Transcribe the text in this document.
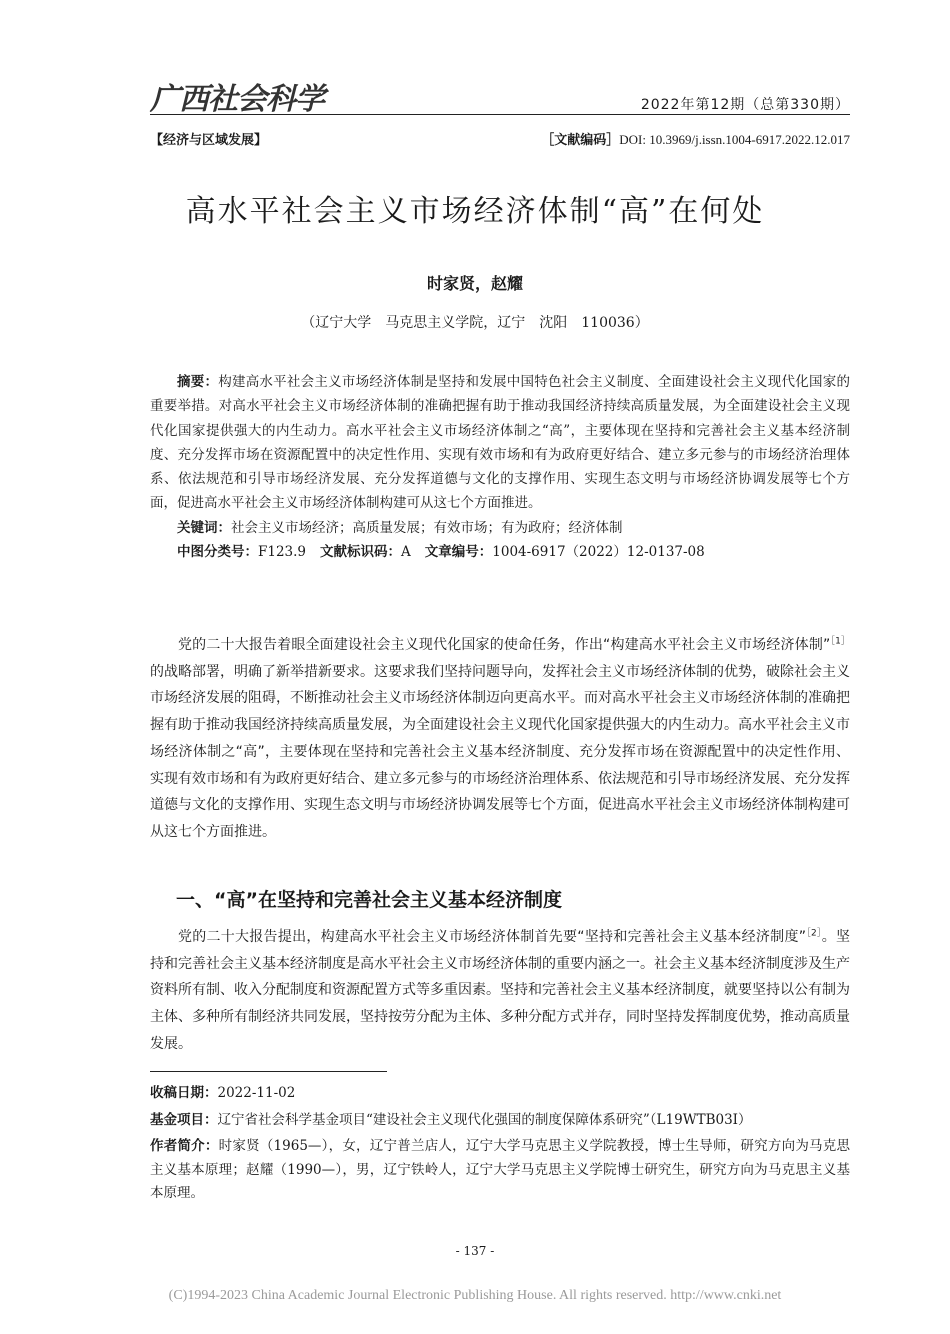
广西社会科学	2022年第12期（总第330期）
【经济与区域发展】	［文献编码］DOI: 10.3969/j.issn.1004-6917.2022.12.017
高水平社会主义市场经济体制“高”在何处
时家贤，赵耀
（辽宁大学　马克思主义学院，辽宁　沈阳　110036）
摘要：构建高水平社会主义市场经济体制是坚持和发展中国特色社会主义制度、全面建设社会主义现代化国家的重要举措。对高水平社会主义市场经济体制的准确把握有助于推动我国经济持续高质量发展，为全面建设社会主义现代化国家提供强大的内生动力。高水平社会主义市场经济体制之“高”，主要体现在坚持和完善社会主义基本经济制度、充分发挥市场在资源配置中的决定性作用、实现有效市场和有为政府更好结合、建立多元参与的市场经济治理体系、依法规范和引导市场经济发展、充分发挥道德与文化的支撑作用、实现生态文明与市场经济协调发展等七个方面，促进高水平社会主义市场经济体制构建可从这七个方面推进。
关键词：社会主义市场经济；高质量发展；有效市场；有为政府；经济体制
中图分类号：F123.9 文献标识码：A 文章编号：1004-6917（2022）12-0137-08
党的二十大报告着眼全面建设社会主义现代化国家的使命任务，作出“构建高水平社会主义市场经济体制”$^{[1]}$的战略部署，明确了新举措新要求。这要求我们坚持问题导向，发挥社会主义市场经济体制的优势，破除社会主义市场经济发展的阻碍，不断推动社会主义市场经济体制迈向更高水平。而对高水平社会主义市场经济体制的准确把握有助于推动我国经济持续高质量发展，为全面建设社会主义现代化国家提供强大的内生动力。高水平社会主义市场经济体制之“高”，主要体现在坚持和完善社会主义基本经济制度、充分发挥市场在资源配置中的决定性作用、实现有效市场和有为政府更好结合、建立多元参与的市场经济治理体系、依法规范和引导市场经济发展、充分发挥道德与文化的支撑作用、实现生态文明与市场经济协调发展等七个方面，促进高水平社会主义市场经济体制构建可从这七个方面推进。
一、“高”在坚持和完善社会主义基本经济制度
党的二十大报告提出，构建高水平社会主义市场经济体制首先要“坚持和完善社会主义基本经济制度”$^{[2]}$。坚持和完善社会主义基本经济制度是高水平社会主义市场经济体制的重要内涵之一。社会主义基本经济制度涉及生产资料所有制、收入分配制度和资源配置方式等多重因素。坚持和完善社会主义基本经济制度，就要坚持以公有制为主体、多种所有制经济共同发展，坚持按劳分配为主体、多种分配方式并存，同时坚持发挥制度优势，推动高质量发展。

收稿日期：2022-11-02

基金项目：辽宁省社会科学基金项目“建设社会主义现代化强国的制度保障体系研究”（L19WTB03I）

作者简介：时家贤（1965—），女，辽宁普兰店人，辽宁大学马克思主义学院教授，博士生导师，研究方向为马克思主义基本原理；赵耀（1990—），男，辽宁铁岭人，辽宁大学马克思主义学院博士研究生，研究方向为马克思主义基本原理。

- 137 -
(C)1994-2023 China Academic Journal Electronic Publishing House. All rights reserved. http://www.cnki.net
